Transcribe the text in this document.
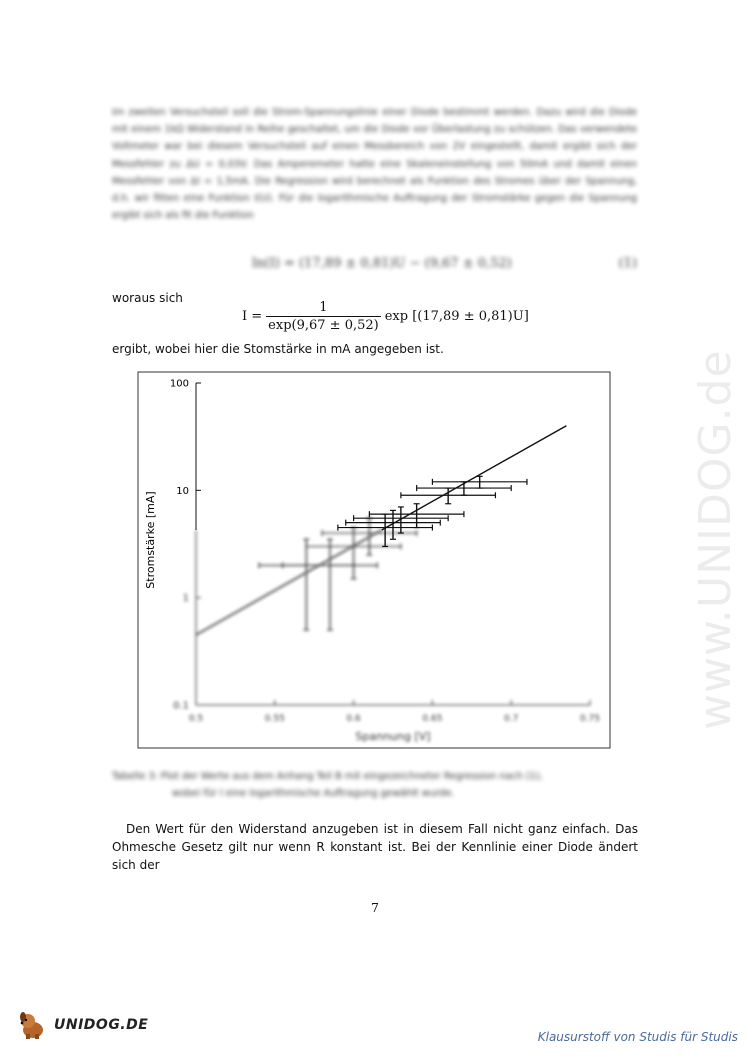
Im zweiten Versuchsteil soll die Strom-Spannungslinie einer Diode bestimmt werden. Dazu wird die Diode mit einem 1kΩ Widerstand in Reihe geschaltet, um die Diode vor Überlastung zu schützen. Das verwendete Voltmeter war bei diesem Versuchsteil auf einen Messbereich von 2V eingestellt, damit ergibt sich der Messfehler zu ΔU = 0,03V. Das Amperemeter hatte eine Skaleneinstellung von 50mA und damit einen Messfehler von ΔI = 1,5mA. Die Regression wird berechnet als Funktion des Stromes über der Spannung, d.h. wir fitten eine Funktion I(U). Für die logarithmische Auftragung der Stromstärke gegen die Spannung ergibt sich als fit die Funktion
ln(I) = (17,89 ± 0,81)U − (9,67 ± 0,52)	(1)
woraus sich
$I = \frac{1}{\exp(9,67 \pm 0,52)}$ exp [(17,89 ± 0,81)U]
ergibt, wobei hier die Stomstärke in mA angegeben ist.
10
100
Stromstärke [mA]
0.1
1
0.5	0.55	0.6	0.65	0.7	0.75
Spannung [V]
Tabelle 3: Plot der Werte aus dem Anhang Teil B mit eingezeichneter Regression nach (1),
wobei für I eine logarithmische Auftragung gewählt wurde.
Den Wert für den Widerstand anzugeben ist in diesem Fall nicht ganz einfach. Das Ohmesche Gesetz gilt nur wenn R konstant ist. Bei der Kennlinie einer Diode ändert sich der
7
www.UNIDOG.de
UNIDOG.DE
Klausurstoff von Studis für Studis
